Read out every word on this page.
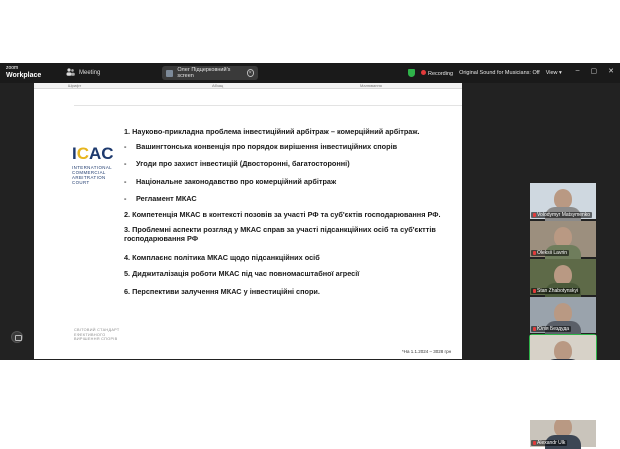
zoom
Workplace	Meeting	Олег Підцерковний's screen	×	Recording Original Sound for Musicians: Off View ▾ – ▢ ✕
Шрифт	Абзац	Малювання
ICAC
INTERNATIONAL
COMMERCIAL
ARBITRATION
COURT
СВІТОВИЙ СТАНДАРТ
ЕФЕКТИВНОГО
ВИРІШЕННЯ СПОРІВ
1. Науково-прикладна проблема інвестиційний арбітраж – комерційний арбітраж.
- Вашингтонська конвенція про порядок вирішення інвестиційних спорів
- Угоди про захист інвестицій (Двосторонні, багатосторонні)
- Національне законодавство про комерційний арбітраж
- Регламент МКАС
2. Компетенція МКАС в контексті позовів за участі РФ та суб'єктів господарювання РФ.
3. Проблемні аспекти розгляд у МКАС справ за участі підсанкційних осіб та суб'єкттів господарювання РФ
4. Комплаєнс політика МКАС щодо підсанкційних осіб
5. Диджиталізація роботи МКАС під час повномасштабної агресії
6. Перспективи залучення МКАС у інвестиційні спори.
*На 1.1.2024 – 3028 грн
Volodymyr Matsymenko
Oleksii Lavrin
Stan Zhabotynskyi
Юлія Бездуда
Alexandr Ulk
